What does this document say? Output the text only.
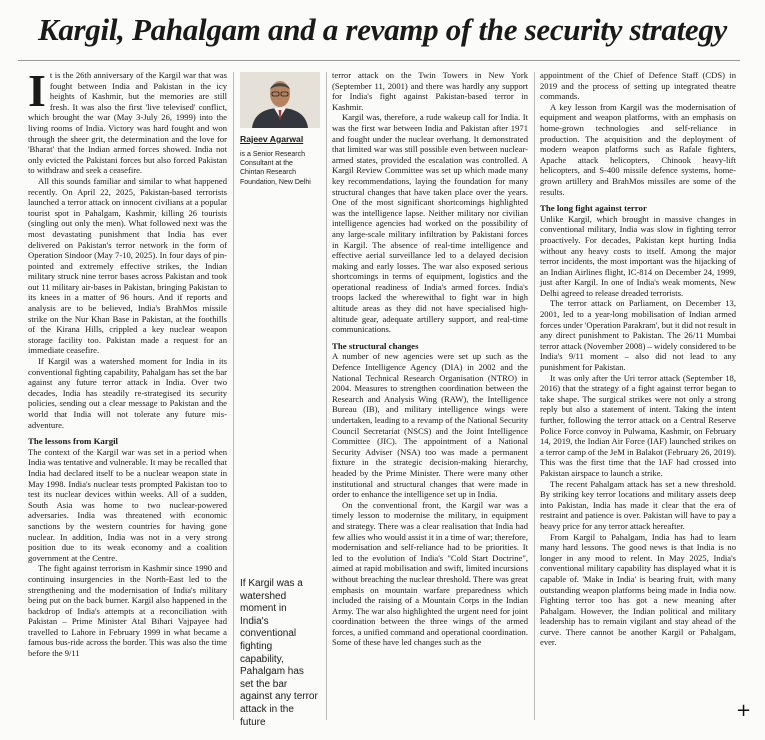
Kargil, Pahalgam and a revamp of the security strategy
I t is the 26th anniversary of the Kargil war that was fought between India and Pakistan in the icy heights of Kashmir, but the memories are still fresh. It was also the first 'live televised' conflict, which brought the war (May 3-July 26, 1999) into the living rooms of India. Victory was hard fought and won through the sheer grit, the determination and the love for 'Bharat' that the Indian armed forces showed. India not only evicted the Pakistani forces but also forced Pakistan to withdraw and seek a ceasefire.

All this sounds familiar and similar to what happened recently. On April 22, 2025, Pakistan-based terrorists launched a terror attack on innocent civilians at a popular tourist spot in Pahalgam, Kashmir, killing 26 tourists (singling out only the men). What followed next was the most devastating punishment that India has ever delivered on Pakistan's terror network in the form of Operation Sindoor (May 7-10, 2025). In four days of pin-pointed and extremely effective strikes, the Indian military struck nine terror bases across Pakistan and took out 11 military air-bases in Pakistan, bringing Pakistan to its knees in a matter of 96 hours. And if reports and analysis are to be believed, India's BrahMos missile strike on the Nur Khan Base in Pakistan, at the foothills of the Kirana Hills, crippled a key nuclear weapon storage facility too. Pakistan made a request for an immediate ceasefire.

If Kargil was a watershed moment for India in its conventional fighting capability, Pahalgam has set the bar against any future terror attack in India. Over two decades, India has steadily re-strategised its security policies, sending out a clear message to Pakistan and the world that India will not tolerate any future mis-adventure.

The lessons from Kargil

The context of the Kargil war was set in a period when India was tentative and vulnerable. It may be recalled that India had declared itself to be a nuclear weapon state in May 1998. India's nuclear tests prompted Pakistan too to test its nuclear devices within weeks. All of a sudden, South Asia was home to two nuclear-powered adversaries. India was threatened with economic sanctions by the western countries for having gone nuclear. In addition, India was not in a very strong position due to its weak economy and a coalition government at the Centre.

The fight against terrorism in Kashmir since 1990 and continuing insurgencies in the North-East led to the strengthening and the modernisation of India's military being put on the back burner. Kargil also happened in the backdrop of India's attempts at a reconciliation with Pakistan – Prime Minister Atal Bihari Vajpayee had travelled to Lahore in February 1999 in what became a famous bus-ride across the border. This was also the time before the 9/11

Rajeev Agarwal
is a Senior Research Consultant at the Chintan Research Foundation, New Delhi
If Kargil was a watershed moment in India's conventional fighting capability, Pahalgam has set the bar against any terror attack in the future

terror attack on the Twin Towers in New York (September 11, 2001) and there was hardly any support for India's fight against Pakistan-based terror in Kashmir.

Kargil was, therefore, a rude wakeup call for India. It was the first war between India and Pakistan after 1971 and fought under the nuclear overhang. It demonstrated that limited war was still possible even between nuclear-armed states, provided the escalation was controlled. A Kargil Review Committee was set up which made many key recommendations, laying the foundation for many structural changes that have taken place over the years. One of the most significant shortcomings highlighted was the intelligence lapse. Neither military nor civilian intelligence agencies had worked on the possibility of any large-scale military infiltration by Pakistani forces in Kargil. The absence of real-time intelligence and effective aerial surveillance led to a delayed decision making and early losses. The war also exposed serious shortcomings in terms of equipment, logistics and the operational readiness of India's armed forces. India's troops lacked the wherewithal to fight war in high altitude areas as they did not have specialised high-altitude gear, adequate artillery support, and real-time communications.

The structural changes

A number of new agencies were set up such as the Defence Intelligence Agency (DIA) in 2002 and the National Technical Research Organisation (NTRO) in 2004. Measures to strengthen coordination between the Research and Analysis Wing (RAW), the Intelligence Bureau (IB), and military intelligence wings were undertaken, leading to a revamp of the National Security Council Secretariat (NSCS) and the Joint Intelligence Committee (JIC). The appointment of a National Security Adviser (NSA) too was made a permanent fixture in the strategic decision-making hierarchy, headed by the Prime Minister. There were many other institutional and structural changes that were made in order to enhance the intelligence set up in India.

On the conventional front, the Kargil war was a timely lesson to modernise the military, in equipment and strategy. There was a clear realisation that India had few allies who would assist it in a time of war; therefore, modernisation and self-reliance had to be priorities. It led to the evolution of India's "Cold Start Doctrine", aimed at rapid mobilisation and swift, limited incursions without breaching the nuclear threshold. There was great emphasis on mountain warfare preparedness which included the raising of a Mountain Corps in the Indian Army. The war also highlighted the urgent need for joint coordination between the three wings of the armed forces, a unified command and operational coordination. Some of these have led changes such as the

appointment of the Chief of Defence Staff (CDS) in 2019 and the process of setting up integrated theatre commands.

A key lesson from Kargil was the modernisation of equipment and weapon platforms, with an emphasis on home-grown technologies and self-reliance in production. The acquisition and the deployment of modern weapon platforms such as Rafale fighters, Apache attack helicopters, Chinook heavy-lift helicopters, and S-400 missile defence systems, home-grown artillery and BrahMos missiles are some of the results.

The long fight against terror

Unlike Kargil, which brought in massive changes in conventional military, India was slow in fighting terror proactively. For decades, Pakistan kept hurting India without any heavy costs to itself. Among the major terror incidents, the most important was the hijacking of an Indian Airlines flight, IC-814 on December 24, 1999, just after Kargil. In one of India's weak moments, New Delhi agreed to release dreaded terrorists.

The terror attack on Parliament, on December 13, 2001, led to a year-long mobilisation of Indian armed forces under 'Operation Parakram', but it did not result in any direct punishment to Pakistan. The 26/11 Mumbai terror attack (November 2008) – widely considered to be India's 9/11 moment – also did not lead to any punishment for Pakistan.

It was only after the Uri terror attack (September 18, 2016) that the strategy of a fight against terror began to take shape. The surgical strikes were not only a strong reply but also a statement of intent. Taking the intent further, following the terror attack on a Central Reserve Police Force convoy in Pulwama, Kashmir, on February 14, 2019, the Indian Air Force (IAF) launched strikes on a terror camp of the JeM in Balakot (February 26, 2019). This was the first time that the IAF had crossed into Pakistan airspace to launch a strike.

The recent Pahalgam attack has set a new threshold. By striking key terror locations and military assets deep into Pakistan, India has made it clear that the era of restraint and patience is over. Pakistan will have to pay a heavy price for any terror attack hereafter.

From Kargil to Pahalgam, India has had to learn many hard lessons. The good news is that India is no longer in any mood to relent. In May 2025, India's conventional military capability has displayed what it is capable of. 'Make in India' is bearing fruit, with many outstanding weapon platforms being made in India now. Fighting terror too has got a new meaning after Pahalgam. However, the Indian political and military leadership has to remain vigilant and stay ahead of the curve. There cannot be another Kargil or Pahalgam, ever.

+
